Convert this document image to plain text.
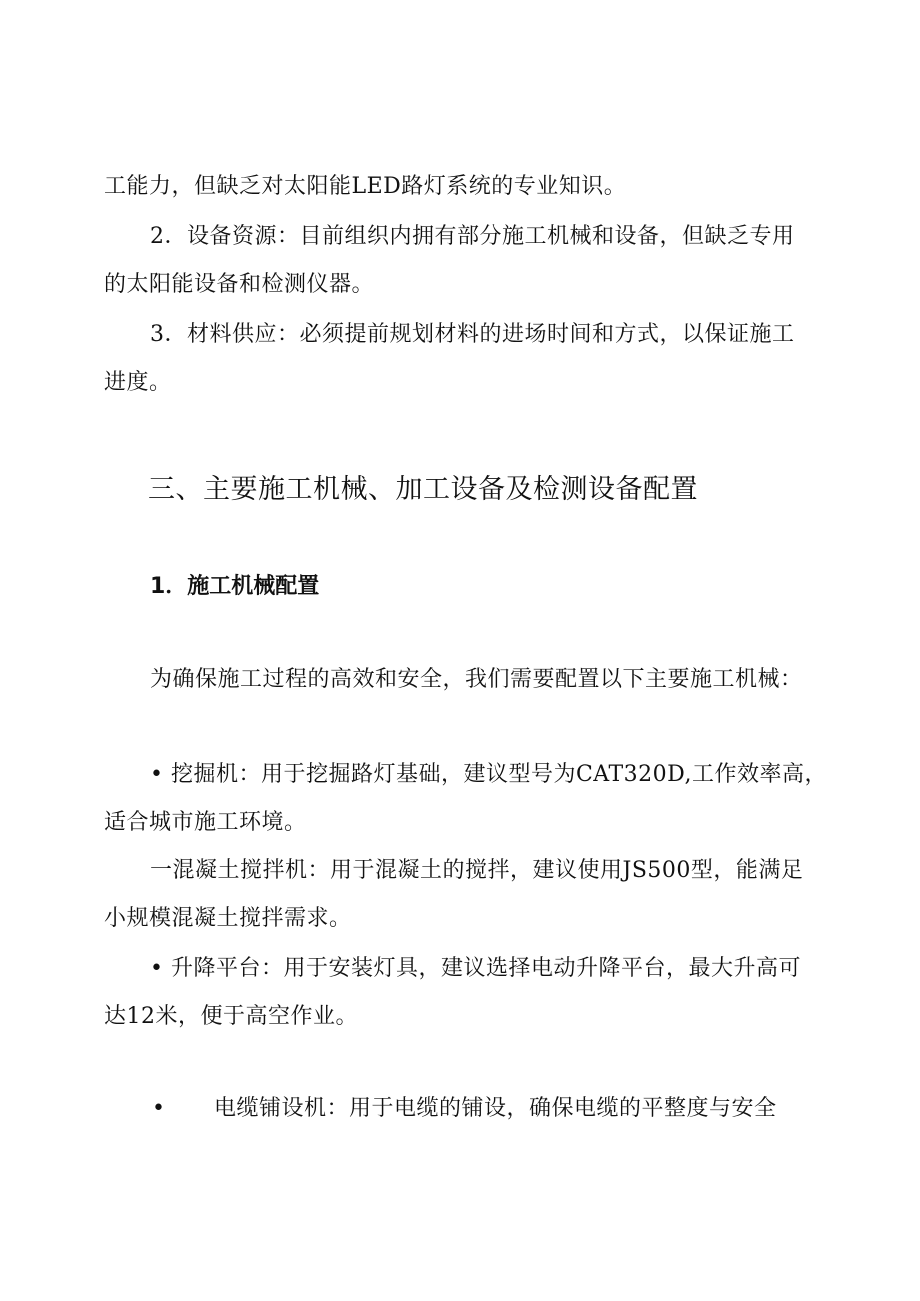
工能力，但缺乏对太阳能LED路灯系统的专业知识。
2．设备资源：目前组织内拥有部分施工机械和设备，但缺乏专用
的太阳能设备和检测仪器。
3．材料供应：必须提前规划材料的进场时间和方式，以保证施工
进度。
三、主要施工机械、加工设备及检测设备配置
1．施工机械配置
为确保施工过程的高效和安全，我们需要配置以下主要施工机械：
• 挖掘机：用于挖掘路灯基础，建议型号为CAT320D,工作效率高，
适合城市施工环境。
一混凝土搅拌机：用于混凝土的搅拌，建议使用JS500型，能满足
小规模混凝土搅拌需求。
• 升降平台：用于安装灯具，建议选择电动升降平台，最大升高可
达12米，便于高空作业。
• 电缆铺设机：用于电缆的铺设，确保电缆的平整度与安全
